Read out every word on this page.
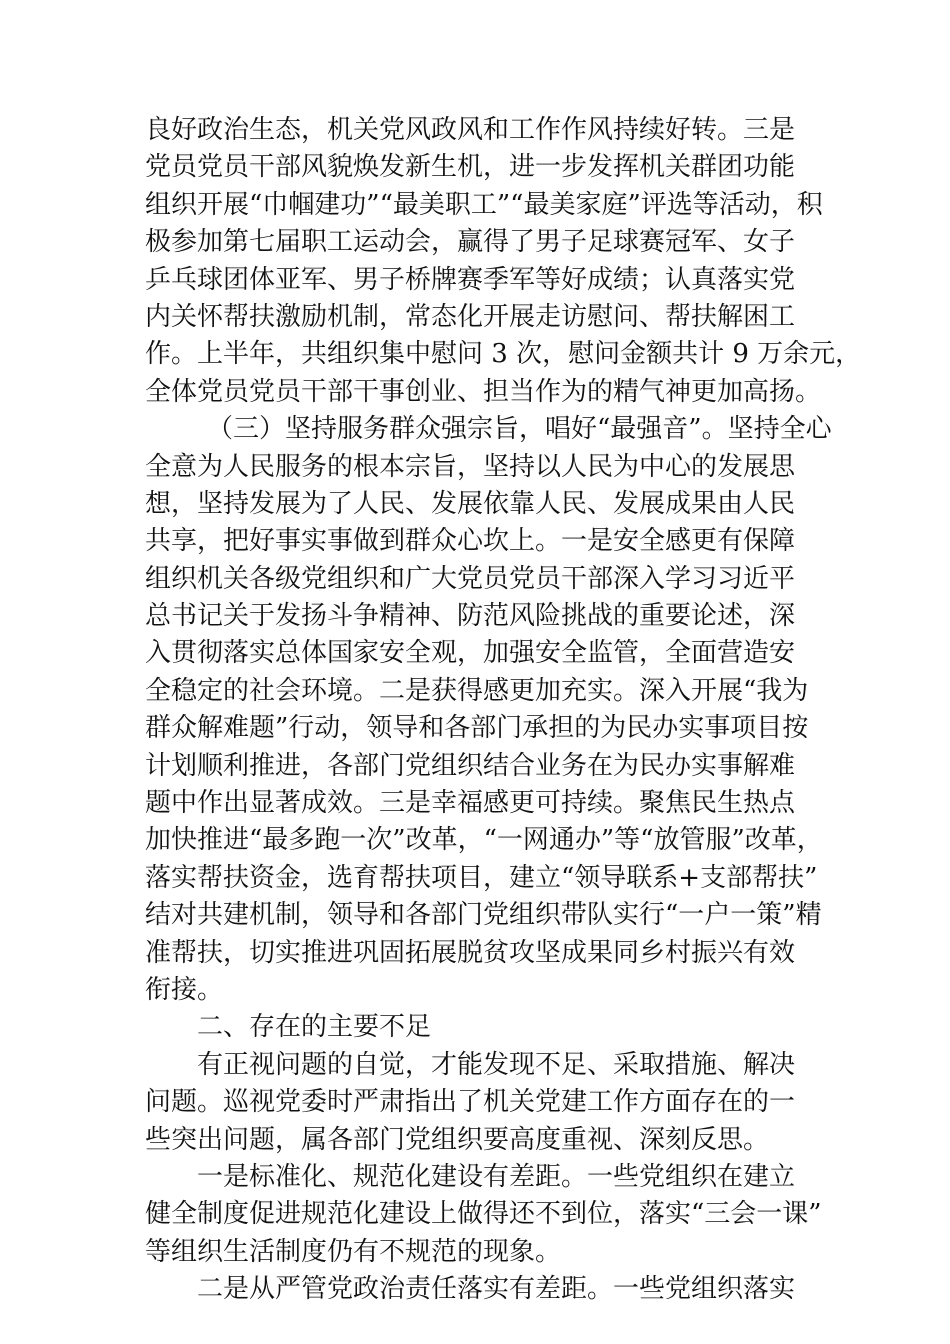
良好政治生态，机关党风政风和工作作风持续好转。三是
党员党员干部风貌焕发新生机，进一步发挥机关群团功能
组织开展“巾帼建功”“最美职工”“最美家庭”评选等活动，积
极参加第七届职工运动会，赢得了男子足球赛冠军、女子
乒乓球团体亚军、男子桥牌赛季军等好成绩；认真落实党
内关怀帮扶激励机制，常态化开展走访慰问、帮扶解困工
作。上半年，共组织集中慰问 3 次，慰问金额共计 9 万余元，
全体党员党员干部干事创业、担当作为的精气神更加高扬。
（三）坚持服务群众强宗旨，唱好“最强音”。坚持全心
全意为人民服务的根本宗旨，坚持以人民为中心的发展思
想，坚持发展为了人民、发展依靠人民、发展成果由人民
共享，把好事实事做到群众心坎上。一是安全感更有保障
组织机关各级党组织和广大党员党员干部深入学习习近平
总书记关于发扬斗争精神、防范风险挑战的重要论述，深
入贯彻落实总体国家安全观，加强安全监管，全面营造安
全稳定的社会环境。二是获得感更加充实。深入开展“我为
群众解难题”行动，领导和各部门承担的为民办实事项目按
计划顺利推进，各部门党组织结合业务在为民办实事解难
题中作出显著成效。三是幸福感更可持续。聚焦民生热点
加快推进“最多跑一次”改革，“一网通办”等“放管服”改革，
落实帮扶资金，选育帮扶项目，建立“领导联系+支部帮扶”
结对共建机制，领导和各部门党组织带队实行“一户一策”精
准帮扶，切实推进巩固拓展脱贫攻坚成果同乡村振兴有效
衔接。
二、存在的主要不足
有正视问题的自觉，才能发现不足、采取措施、解决
问题。巡视党委时严肃指出了机关党建工作方面存在的一
些突出问题，属各部门党组织要高度重视、深刻反思。
一是标准化、规范化建设有差距。一些党组织在建立
健全制度促进规范化建设上做得还不到位，落实“三会一课”
等组织生活制度仍有不规范的现象。
二是从严管党政治责任落实有差距。一些党组织落实
